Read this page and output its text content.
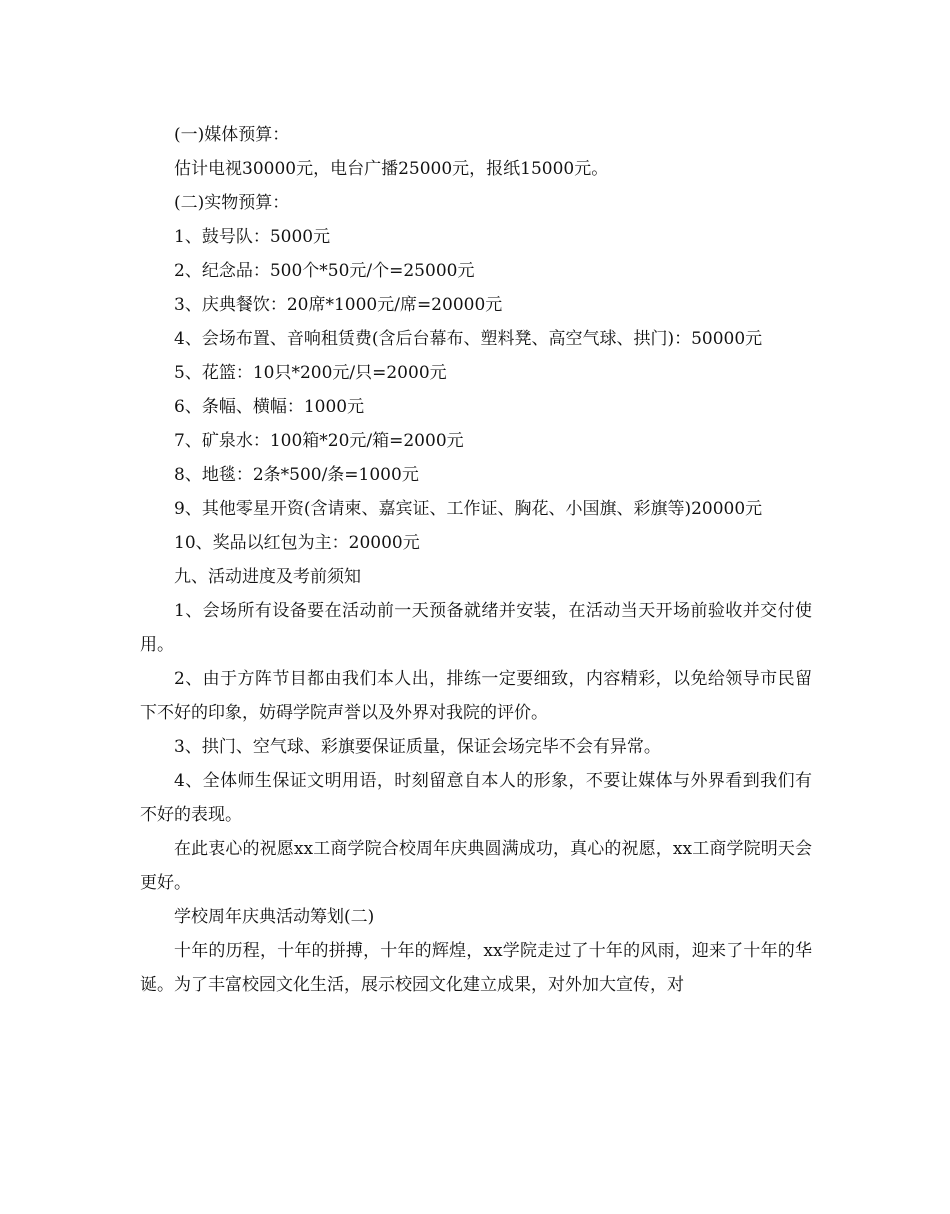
(一)媒体预算：

估计电视30000元，电台广播25000元，报纸15000元。

(二)实物预算：

1、鼓号队：5000元

2、纪念品：500个*50元/个=25000元

3、庆典餐饮：20席*1000元/席=20000元

4、会场布置、音响租赁费(含后台幕布、塑料凳、高空气球、拱门)：50000元

5、花篮：10只*200元/只=2000元

6、条幅、横幅：1000元

7、矿泉水：100箱*20元/箱=2000元

8、地毯：2条*500/条=1000元

9、其他零星开资(含请柬、嘉宾证、工作证、胸花、小国旗、彩旗等)20000元

10、奖品以红包为主：20000元

九、活动进度及考前须知

1、会场所有设备要在活动前一天预备就绪并安装，在活动当天开场前验收并交付使用。

2、由于方阵节目都由我们本人出，排练一定要细致，内容精彩，以免给领导市民留下不好的印象，妨碍学院声誉以及外界对我院的评价。

3、拱门、空气球、彩旗要保证质量，保证会场完毕不会有异常。

4、全体师生保证文明用语，时刻留意自本人的形象，不要让媒体与外界看到我们有不好的表现。

在此衷心的祝愿xx工商学院合校周年庆典圆满成功，真心的祝愿，xx工商学院明天会更好。

学校周年庆典活动筹划(二)

十年的历程，十年的拼搏，十年的辉煌，xx学院走过了十年的风雨，迎来了十年的华诞。为了丰富校园文化生活，展示校园文化建立成果，对外加大宣传，对
